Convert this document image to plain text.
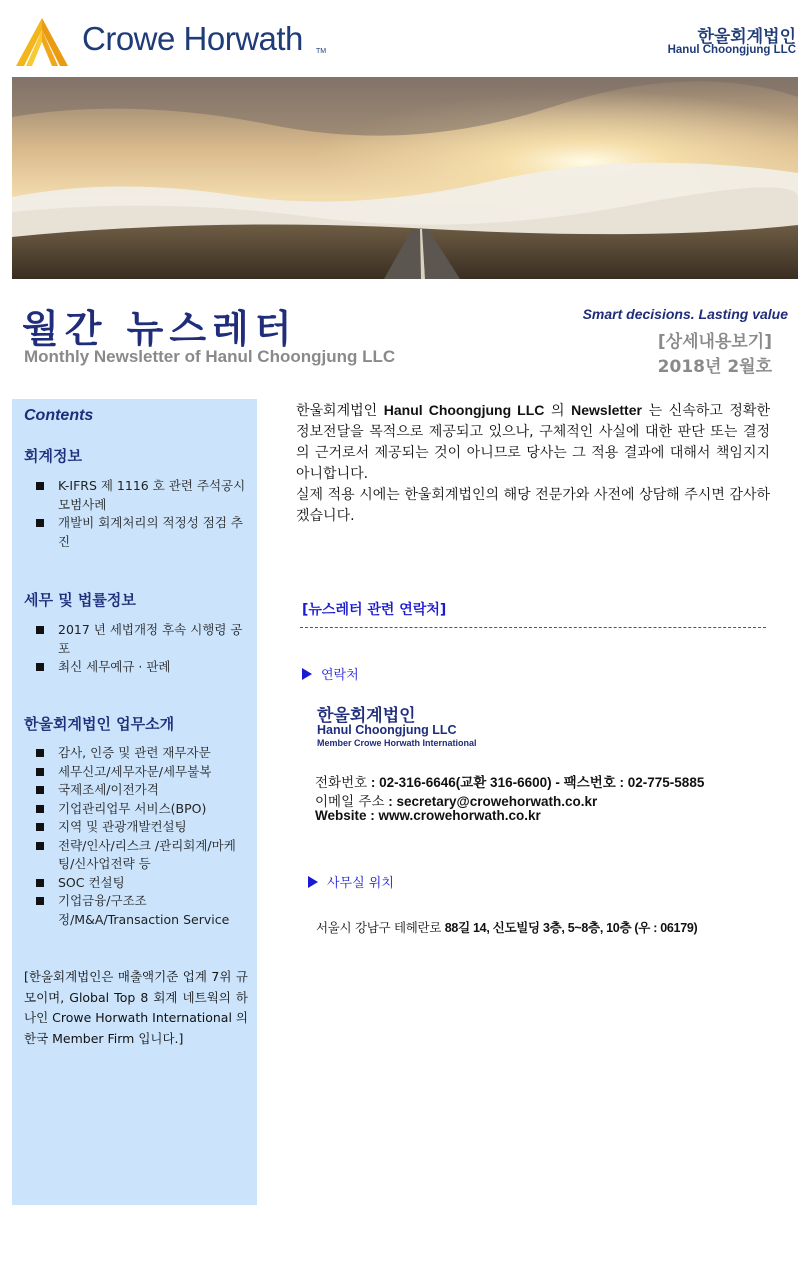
Crowe Horwath TM
한울회계법인
Hanul Choongjung LLC
월간 뉴스레터
Monthly Newsletter of Hanul Choongjung LLC
Smart decisions. Lasting value
[상세내용보기]
2018년 2월호
Contents
회계정보
K-IFRS 제 1116 호 관련 주석공시 모범사례
개발비 회계처리의 적정성 점검 추진
세무 및 법률정보
2017 년 세법개정 후속 시행령 공포
최신 세무예규 · 판례
한울회계법인 업무소개
감사, 인증 및 관련 재무자문
세무신고/세무자문/세무불복
국제조세/이전가격
기업관리업무 서비스(BPO)
지역 및 관광개발컨설팅
전략/인사/리스크 /관리회계/마케팅/신사업전략 등
SOC 컨설팅
기업금융/구조조정/M&A/Transaction Service
[한울회계법인은 매출액기준 업계 7위 규모이며, Global Top 8 회계 네트웍의 하나인 Crowe Horwath International 의 한국 Member Firm 입니다.]
한울회계법인 Hanul Choongjung LLC 의 Newsletter 는 신속하고 정확한 정보전달을 목적으로 제공되고 있으나, 구체적인 사실에 대한 판단 또는 결정의 근거로서 제공되는 것이 아니므로 당사는 그 적용 결과에 대해서 책임지지 아니합니다.
실제 적용 시에는 한울회계법인의 해당 전문가와 사전에 상담해 주시면 감사하겠습니다.
[뉴스레터 관련 연락처]
연락처
한울회계법인
Hanul Choongjung LLC
Member Crowe Horwath International
전화번호 : 02-316-6646(교환 316-6600) - 팩스번호 : 02-775-5885
이메일 주소 : secretary@crowehorwath.co.kr
Website : www.crowehorwath.co.kr
사무실 위치
서울시 강남구 테헤란로 88길 14, 신도빌딩 3층, 5~8층, 10층 (우 : 06179)
